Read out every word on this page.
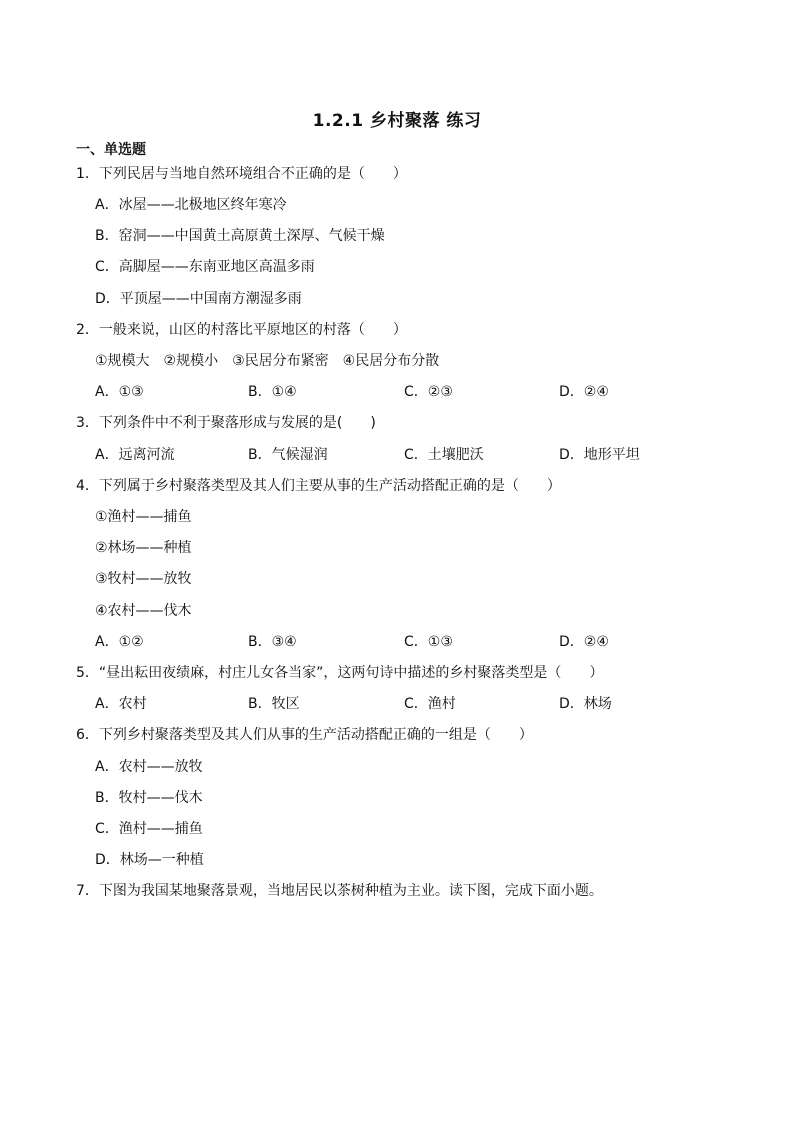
1.2.1 乡村聚落 练习
一、单选题
1．下列民居与当地自然环境组合不正确的是（　　）
A．冰屋——北极地区终年寒冷
B．窑洞——中国黄土高原黄土深厚、气候干燥
C．高脚屋——东南亚地区高温多雨
D．平顶屋——中国南方潮湿多雨
2．一般来说，山区的村落比平原地区的村落（　　）
①规模大　②规模小　③民居分布紧密　④民居分布分散
A．①③	B．①④	C．②③	D．②④
3．下列条件中不利于聚落形成与发展的是(　　)
A．远离河流	B．气候湿润	C．土壤肥沃	D．地形平坦
4．下列属于乡村聚落类型及其人们主要从事的生产活动搭配正确的是（　　）
①渔村——捕鱼
②林场——种植
③牧村——放牧
④农村——伐木
A．①②	B．③④	C．①③	D．②④
5．“昼出耘田夜绩麻，村庄儿女各当家”，这两句诗中描述的乡村聚落类型是（　　）
A．农村	B．牧区	C．渔村	D．林场
6．下列乡村聚落类型及其人们从事的生产活动搭配正确的一组是（　　）
A．农村——放牧
B．牧村——伐木
C．渔村——捕鱼
D．林场—一种植
7．下图为我国某地聚落景观，当地居民以茶树种植为主业。读下图，完成下面小题。
